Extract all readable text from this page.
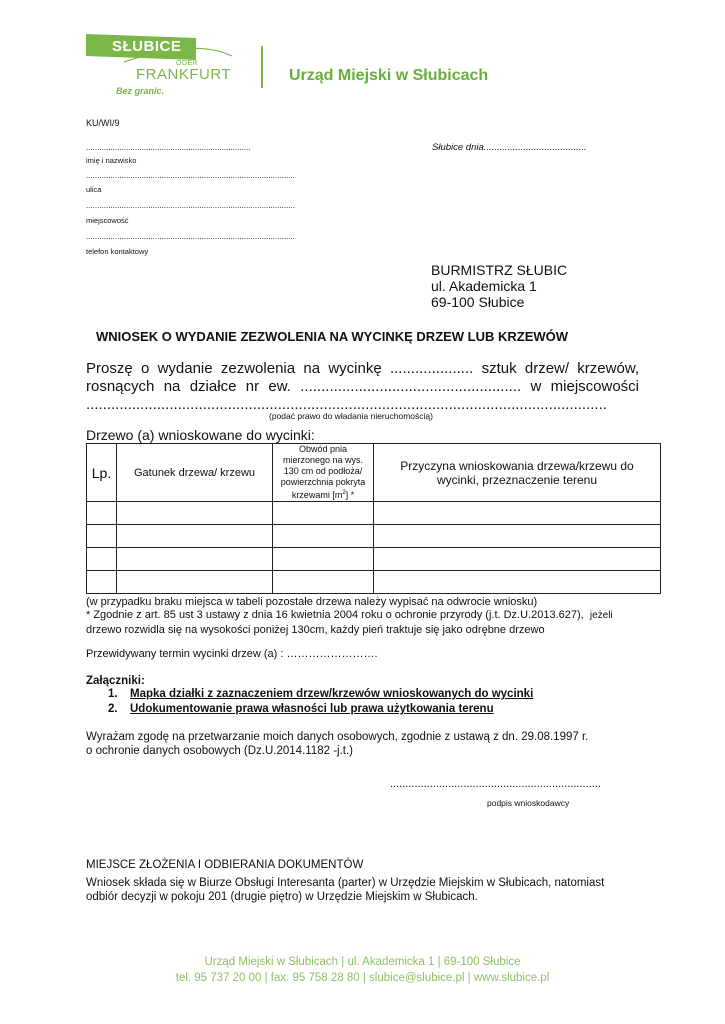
SŁUBICE
ODER
FRANKFURT
Bez granic.
Urząd Miejski w Słubicach
KU/WI/9
..........................................................................
imię i nazwisko
..............................................................................................
ulica
..............................................................................................
miejscowość
..............................................................................................
telefon kontaktowy
Słubice dnia.......................................
BURMISTRZ SŁUBIC
ul. Akademicka 1
69-100 Słubice
WNIOSEK O WYDANIE ZEZWOLENIA NA WYCINKĘ DRZEW LUB KRZEWÓW
Proszę o wydanie zezwolenia na wycinkę .................... sztuk drzew/ krzewów,
rosnących na działce nr ew. ..................................................... w miejscowości
.............................................................................................................................
(podać prawo do władania nieruchomością)
Drzewo (a) wnioskowane do wycinki:
Lp.	Gatunek drzewa/ krzewu	Obwód pnia
mierzonego na wys.
130 cm od podłoża/
powierzchnia pokryta
krzewami $[m^2]$ *	Przyczyna wnioskowania drzewa/krzewu do wycinki, przeznaczenie terenu

(w przypadku braku miejsca w tabeli pozostałe drzewa należy wypisać na odwrocie wniosku)
* Zgodnie z art. 85 ust 3 ustawy z dnia 16 kwietnia 2004 roku o ochronie przyrody (j.t. Dz.U.2013.627), jeżeli
drzewo rozwidla się na wysokości poniżej 130cm, każdy pień traktuje się jako odrębne drzewo
Przewidywany termin wycinki drzew (a) : …………………….
Załączniki:
1. Mapka działki z zaznaczeniem drzew/krzewów wnioskowanych do wycinki
2. Udokumentowanie prawa własności lub prawa użytkowania terenu
Wyrażam zgodę na przetwarzanie moich danych osobowych, zgodnie z ustawą z dn. 29.08.1997 r.
o ochronie danych osobowych (Dz.U.2014.1182 -j.t.)
.....................................................................
podpis wnioskodawcy
MIEJSCE ZŁOŻENIA I ODBIERANIA DOKUMENTÓW
Wniosek składa się w Biurze Obsługi Interesanta (parter) w Urzędzie Miejskim w Słubicach, natomiast
odbiór decyzji w pokoju 201 (drugie piętro) w Urzędzie Miejskim w Słubicach.
Urząd Miejski w Słubicach | ul. Akademicka 1 | 69-100 Słubice
tel. 95 737 20 00 | fax. 95 758 28 80 | slubice@slubice.pl | www.slubice.pl
